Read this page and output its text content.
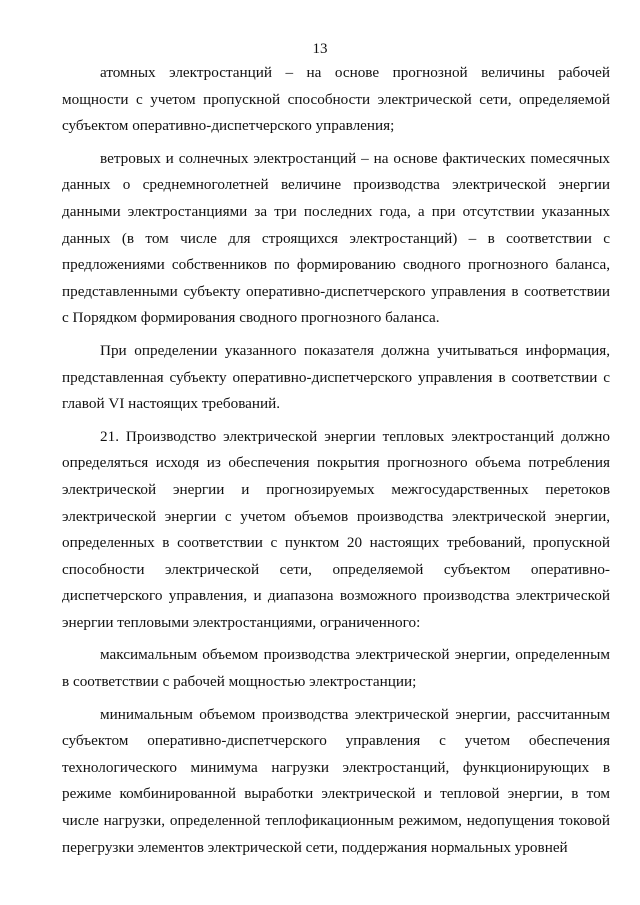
13

атомных электростанций – на основе прогнозной величины рабочей мощности с учетом пропускной способности электрической сети, определяемой субъектом оперативно-диспетчерского управления;

ветровых и солнечных электростанций – на основе фактических помесячных данных о среднемноголетней величине производства электрической энергии данными электростанциями за три последних года, а при отсутствии указанных данных (в том числе для строящихся электростанций) – в соответствии с предложениями собственников по формированию сводного прогнозного баланса, представленными субъекту оперативно-диспетчерского управления в соответствии с Порядком формирования сводного прогнозного баланса.

При определении указанного показателя должна учитываться информация, представленная субъекту оперативно-диспетчерского управления в соответствии с главой VI настоящих требований.

21. Производство электрической энергии тепловых электростанций должно определяться исходя из обеспечения покрытия прогнозного объема потребления электрической энергии и прогнозируемых межгосударственных перетоков электрической энергии с учетом объемов производства электрической энергии, определенных в соответствии с пунктом 20 настоящих требований, пропускной способности электрической сети, определяемой субъектом оперативно-диспетчерского управления, и диапазона возможного производства электрической энергии тепловыми электростанциями, ограниченного:

максимальным объемом производства электрической энергии, определенным в соответствии с рабочей мощностью электростанции;

минимальным объемом производства электрической энергии, рассчитанным субъектом оперативно-диспетчерского управления с учетом обеспечения технологического минимума нагрузки электростанций, функционирующих в режиме комбинированной выработки электрической и тепловой энергии, в том числе нагрузки, определенной теплофикационным режимом, недопущения токовой перегрузки элементов электрической сети, поддержания нормальных уровней
